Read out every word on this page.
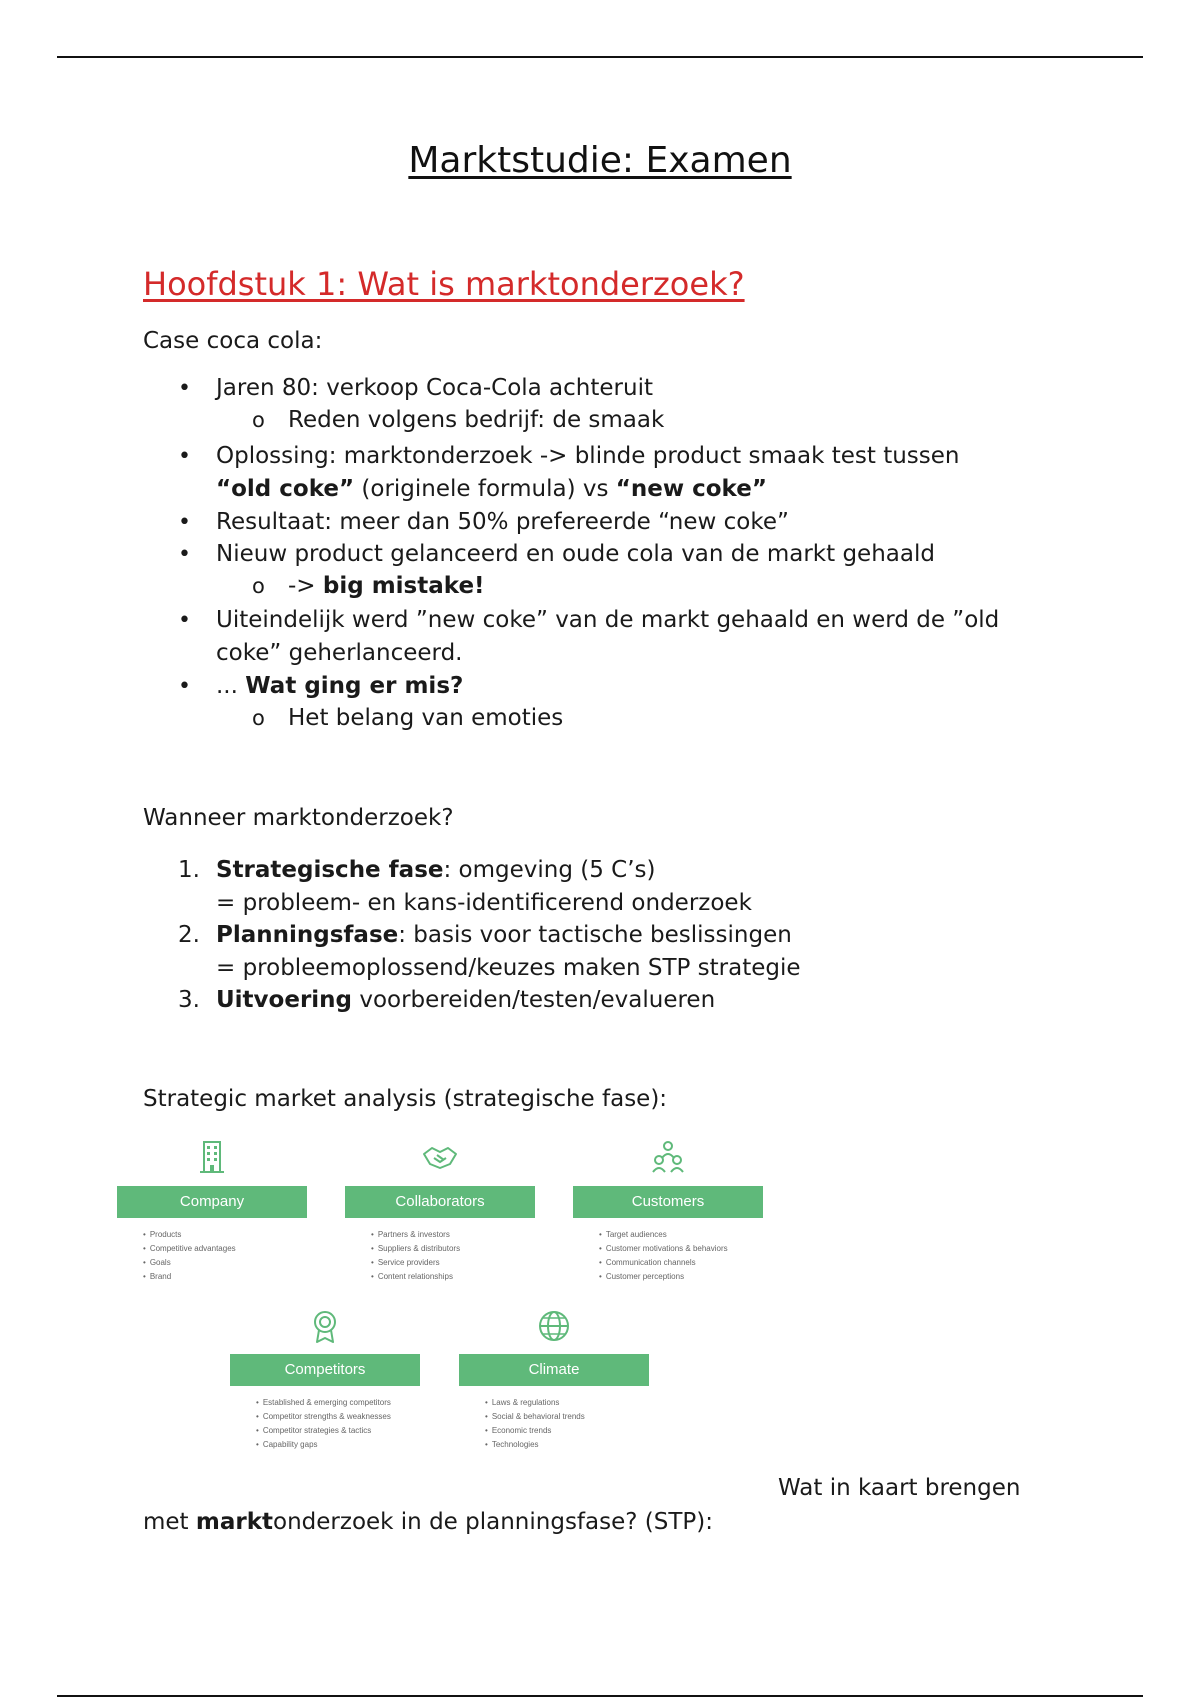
Marktstudie: Examen
Hoofdstuk 1: Wat is marktonderzoek?
Case coca cola:
• Jaren 80: verkoop Coca-Cola achteruit
o Reden volgens bedrijf: de smaak
• Oplossing: marktonderzoek -> blinde product smaak test tussen
“old coke” (originele formula) vs “new coke”
• Resultaat: meer dan 50% prefereerde “new coke”
• Nieuw product gelanceerd en oude cola van de markt gehaald
o -> big mistake!
• Uiteindelijk werd ”new coke” van de markt gehaald en werd de ”old
coke” geherlanceerd.
• ... Wat ging er mis?
o Het belang van emoties
Wanneer marktonderzoek?
1. Strategische fase: omgeving (5 C’s)
= probleem- en kans-identificerend onderzoek
2. Planningsfase: basis voor tactische beslissingen
= probleemoplossend/keuzes maken STP strategie
3. Uitvoering voorbereiden/testen/evalueren
Strategic market analysis (strategische fase):
Company
• Products
• Competitive advantages
• Goals
• Brand
Collaborators
• Partners & investors
• Suppliers & distributors
• Service providers
• Content relationships
Customers
• Target audiences
• Customer motivations & behaviors
• Communication channels
• Customer perceptions
Competitors
• Established & emerging competitors
• Competitor strengths & weaknesses
• Competitor strategies & tactics
• Capability gaps
Climate
• Laws & regulations
• Social & behavioral trends
• Economic trends
• Technologies
Wat in kaart brengen
met marktonderzoek in de planningsfase? (STP):
